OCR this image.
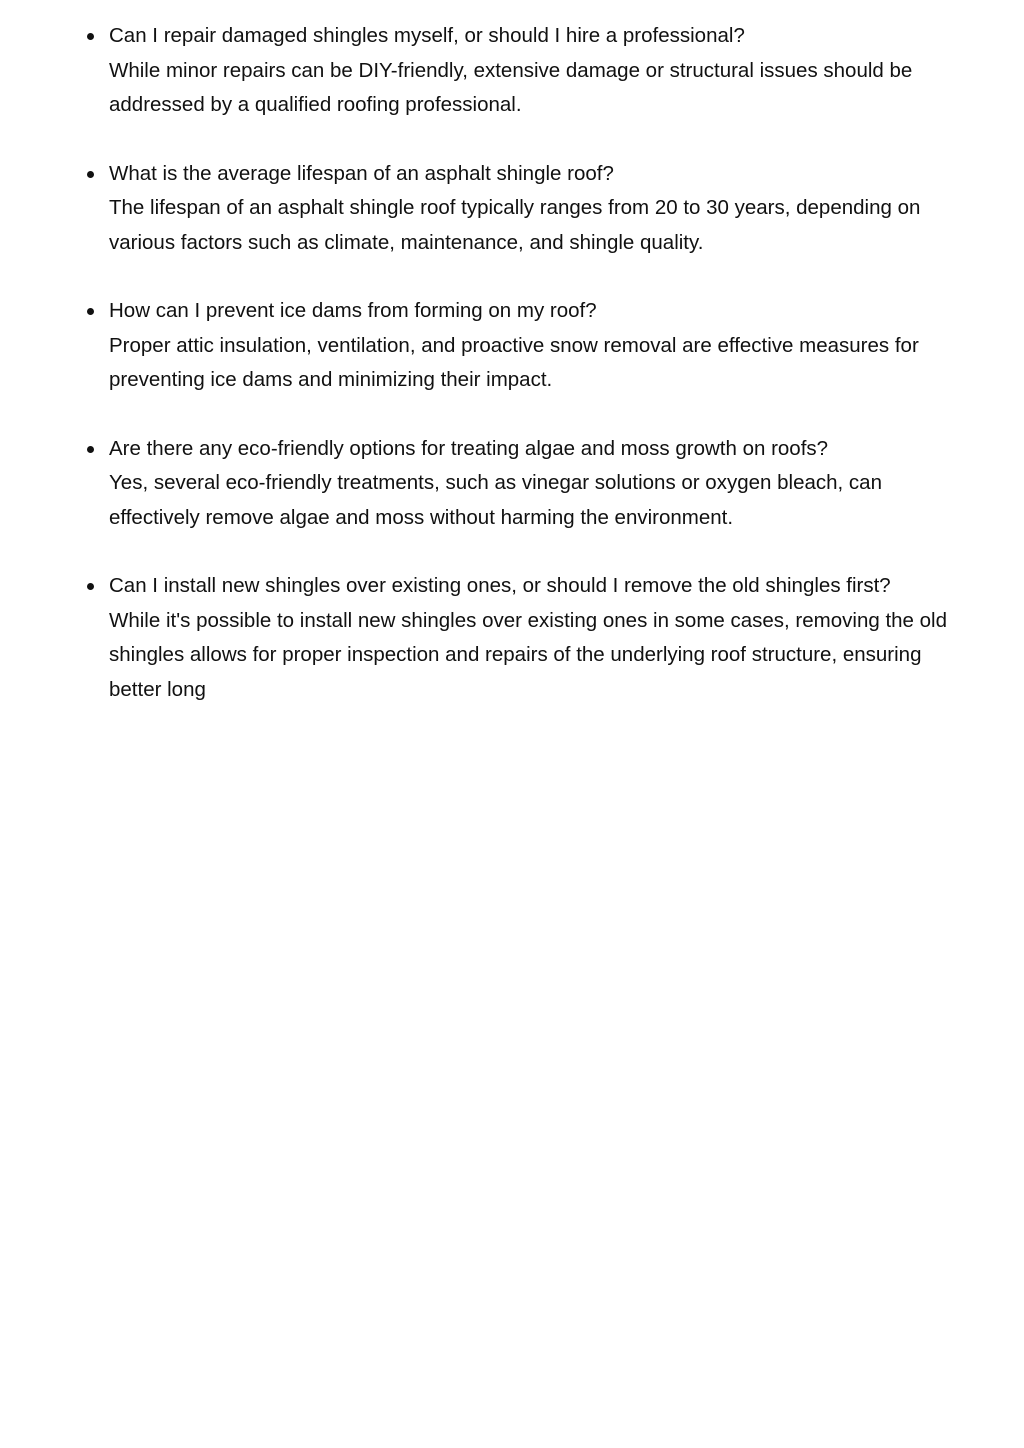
Can I repair damaged shingles myself, or should I hire a professional?
While minor repairs can be DIY-friendly, extensive damage or structural issues should be addressed by a qualified roofing professional.
What is the average lifespan of an asphalt shingle roof?
The lifespan of an asphalt shingle roof typically ranges from 20 to 30 years, depending on various factors such as climate, maintenance, and shingle quality.
How can I prevent ice dams from forming on my roof?
Proper attic insulation, ventilation, and proactive snow removal are effective measures for preventing ice dams and minimizing their impact.
Are there any eco-friendly options for treating algae and moss growth on roofs?
Yes, several eco-friendly treatments, such as vinegar solutions or oxygen bleach, can effectively remove algae and moss without harming the environment.
Can I install new shingles over existing ones, or should I remove the old shingles first?
While it's possible to install new shingles over existing ones in some cases, removing the old shingles allows for proper inspection and repairs of the underlying roof structure, ensuring better long
